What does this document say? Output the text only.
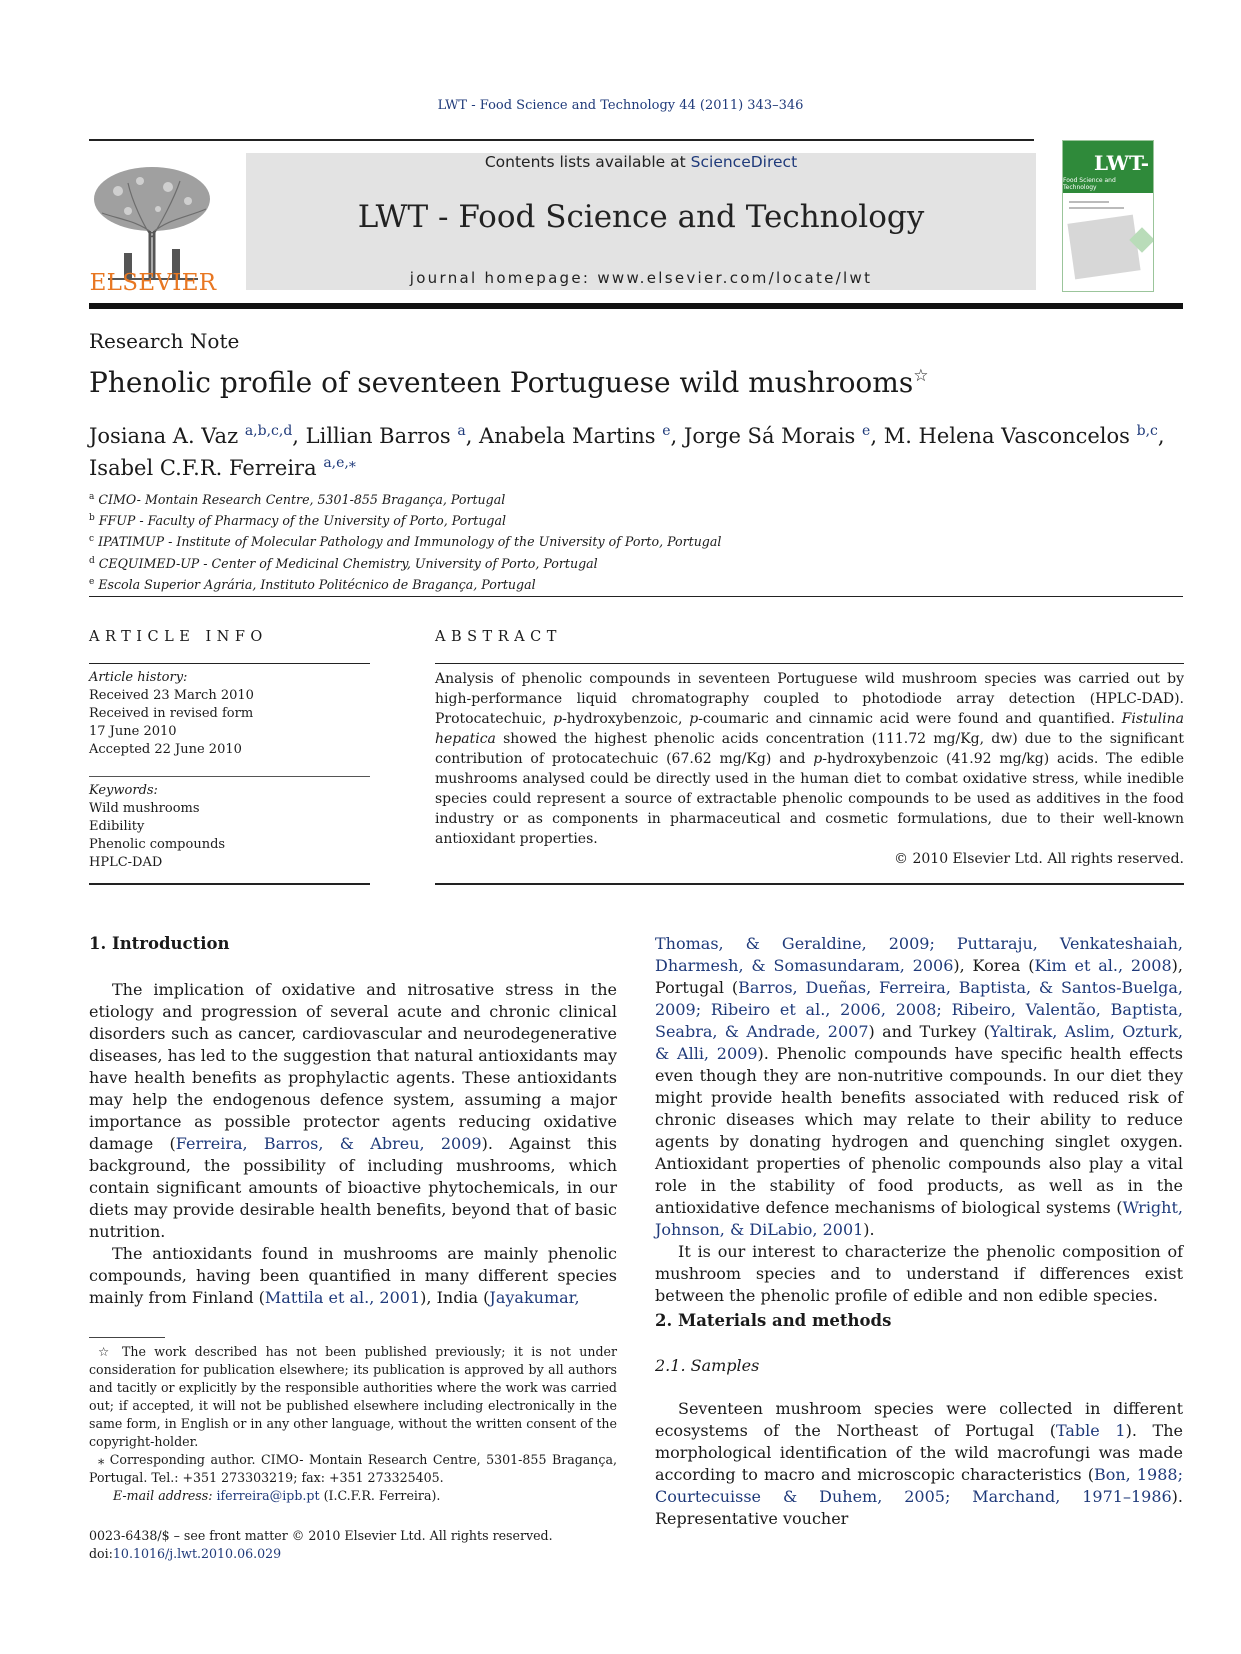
LWT - Food Science and Technology 44 (2011) 343–346
ELSEVIER
Contents lists available at ScienceDirect
LWT - Food Science and Technology
journal homepage: www.elsevier.com/locate/lwt
LWT-
Food Science and Technology
Research Note
Phenolic profile of seventeen Portuguese wild mushrooms☆
Josiana A. Vaz $^{a,b,c,d}$, Lillian Barros $^a$, Anabela Martins $^e$, Jorge Sá Morais $^e$, M. Helena Vasconcelos $^{b,c}$,
Isabel C.F.R. Ferreira $^{a,e,⁎}$
$^a$ CIMO- Montain Research Centre, 5301-855 Bragança, Portugal
$^b$ FFUP - Faculty of Pharmacy of the University of Porto, Portugal
$^c$ IPATIMUP - Institute of Molecular Pathology and Immunology of the University of Porto, Portugal
$^d$ CEQUIMED-UP - Center of Medicinal Chemistry, University of Porto, Portugal
$^e$ Escola Superior Agrária, Instituto Politécnico de Bragança, Portugal
ARTICLE INFO	ABSTRACT
Article history:
Received 23 March 2010
Received in revised form
17 June 2010
Accepted 22 June 2010
Keywords:
Wild mushrooms
Edibility
Phenolic compounds
HPLC-DAD
Analysis of phenolic compounds in seventeen Portuguese wild mushroom species was carried out by high-performance liquid chromatography coupled to photodiode array detection (HPLC-DAD). Protocatechuic, p-hydroxybenzoic, p-coumaric and cinnamic acid were found and quantified. Fistulina hepatica showed the highest phenolic acids concentration (111.72 mg/Kg, dw) due to the significant contribution of protocatechuic (67.62 mg/Kg) and p-hydroxybenzoic (41.92 mg/kg) acids. The edible mushrooms analysed could be directly used in the human diet to combat oxidative stress, while inedible species could represent a source of extractable phenolic compounds to be used as additives in the food industry or as components in pharmaceutical and cosmetic formulations, due to their well-known antioxidant properties.
© 2010 Elsevier Ltd. All rights reserved.
1. Introduction

The implication of oxidative and nitrosative stress in the etiology and progression of several acute and chronic clinical disorders such as cancer, cardiovascular and neurodegenerative diseases, has led to the suggestion that natural antioxidants may have health benefits as prophylactic agents. These antioxidants may help the endogenous defence system, assuming a major importance as possible protector agents reducing oxidative damage (Ferreira, Barros, & Abreu, 2009). Against this background, the possibility of including mushrooms, which contain significant amounts of bioactive phytochemicals, in our diets may provide desirable health benefits, beyond that of basic nutrition.

The antioxidants found in mushrooms are mainly phenolic compounds, having been quantified in many different species mainly from Finland (Mattila et al., 2001), India (Jayakumar,

Thomas, & Geraldine, 2009; Puttaraju, Venkateshaiah, Dharmesh, & Somasundaram, 2006), Korea (Kim et al., 2008), Portugal (Barros, Dueñas, Ferreira, Baptista, & Santos-Buelga, 2009; Ribeiro et al., 2006, 2008; Ribeiro, Valentão, Baptista, Seabra, & Andrade, 2007) and Turkey (Yaltirak, Aslim, Ozturk, & Alli, 2009). Phenolic compounds have specific health effects even though they are non-nutritive compounds. In our diet they might provide health benefits associated with reduced risk of chronic diseases which may relate to their ability to reduce agents by donating hydrogen and quenching singlet oxygen. Antioxidant properties of phenolic compounds also play a vital role in the stability of food products, as well as in the antioxidative defence mechanisms of biological systems (Wright, Johnson, & DiLabio, 2001).

It is our interest to characterize the phenolic composition of mushroom species and to understand if differences exist between the phenolic profile of edible and non edible species.

2. Materials and methods
2.1. Samples

Seventeen mushroom species were collected in different ecosystems of the Northeast of Portugal (Table 1). The morphological identification of the wild macrofungi was made according to macro and microscopic characteristics (Bon, 1988; Courtecuisse & Duhem, 2005; Marchand, 1971–1986). Representative voucher

☆ The work described has not been published previously; it is not under consideration for publication elsewhere; its publication is approved by all authors and tacitly or explicitly by the responsible authorities where the work was carried out; if accepted, it will not be published elsewhere including electronically in the same form, in English or in any other language, without the written consent of the copyright-holder.

⁎ Corresponding author. CIMO- Montain Research Centre, 5301-855 Bragança, Portugal. Tel.: +351 273303219; fax: +351 273325405.

E-mail address: iferreira@ipb.pt (I.C.F.R. Ferreira).

0023-6438/$ – see front matter © 2010 Elsevier Ltd. All rights reserved.
doi:10.1016/j.lwt.2010.06.029
